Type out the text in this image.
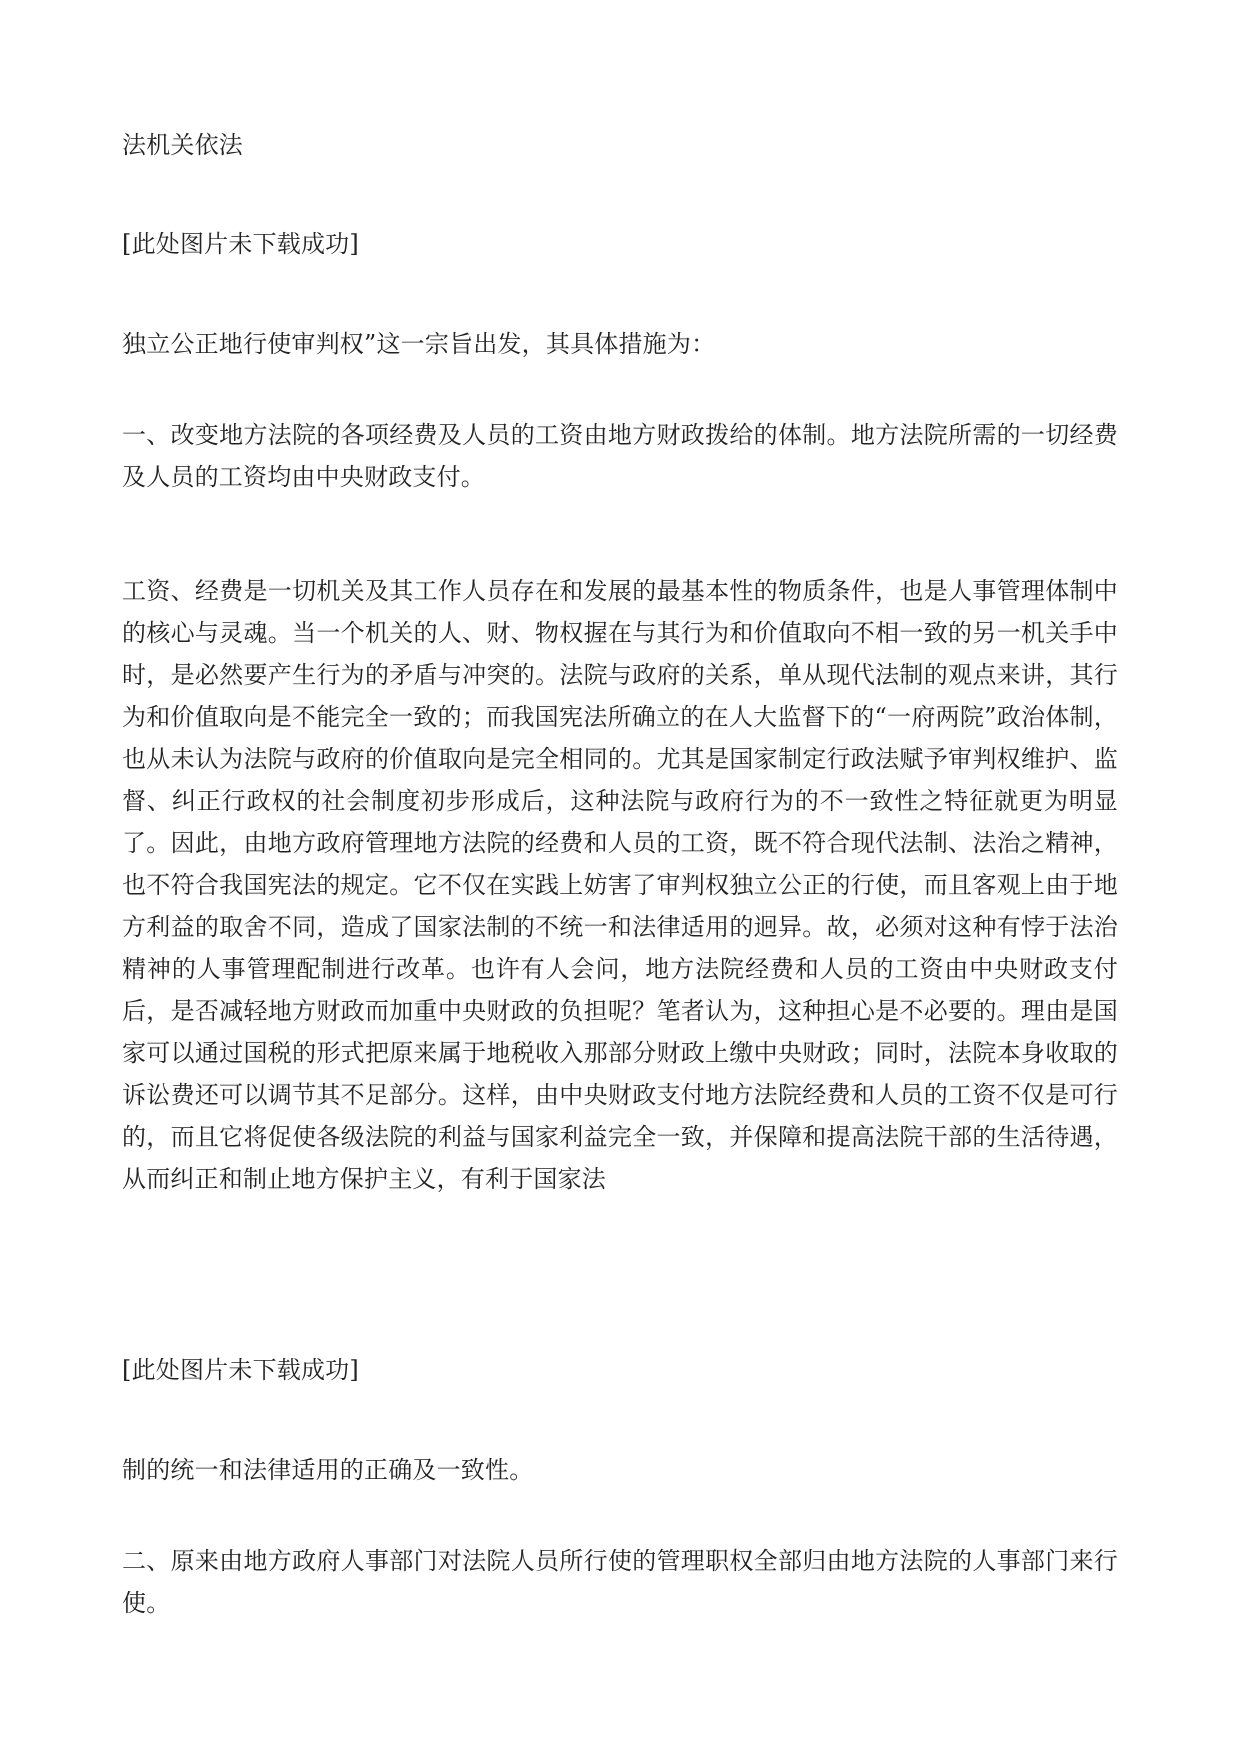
法机关依法

[此处图片未下载成功]

独立公正地行使审判权”这一宗旨出发，其具体措施为：

一、改变地方法院的各项经费及人员的工资由地方财政拨给的体制。地方法院所需的一切经费及人员的工资均由中央财政支付。

工资、经费是一切机关及其工作人员存在和发展的最基本性的物质条件，也是人事管理体制中的核心与灵魂。当一个机关的人、财、物权握在与其行为和价值取向不相一致的另一机关手中时，是必然要产生行为的矛盾与冲突的。法院与政府的关系，单从现代法制的观点来讲，其行为和价值取向是不能完全一致的；而我国宪法所确立的在人大监督下的“一府两院”政治体制，也从未认为法院与政府的价值取向是完全相同的。尤其是国家制定行政法赋予审判权维护、监督、纠正行政权的社会制度初步形成后，这种法院与政府行为的不一致性之特征就更为明显了。因此，由地方政府管理地方法院的经费和人员的工资，既不符合现代法制、法治之精神，也不符合我国宪法的规定。它不仅在实践上妨害了审判权独立公正的行使，而且客观上由于地方利益的取舍不同，造成了国家法制的不统一和法律适用的迥异。故，必须对这种有悖于法治精神的人事管理配制进行改革。也许有人会问，地方法院经费和人员的工资由中央财政支付后，是否减轻地方财政而加重中央财政的负担呢？笔者认为，这种担心是不必要的。理由是国家可以通过国税的形式把原来属于地税收入那部分财政上缴中央财政；同时，法院本身收取的诉讼费还可以调节其不足部分。这样，由中央财政支付地方法院经费和人员的工资不仅是可行的，而且它将促使各级法院的利益与国家利益完全一致，并保障和提高法院干部的生活待遇，从而纠正和制止地方保护主义，有利于国家法

[此处图片未下载成功]

制的统一和法律适用的正确及一致性。

二、原来由地方政府人事部门对法院人员所行使的管理职权全部归由地方法院的人事部门来行使。
